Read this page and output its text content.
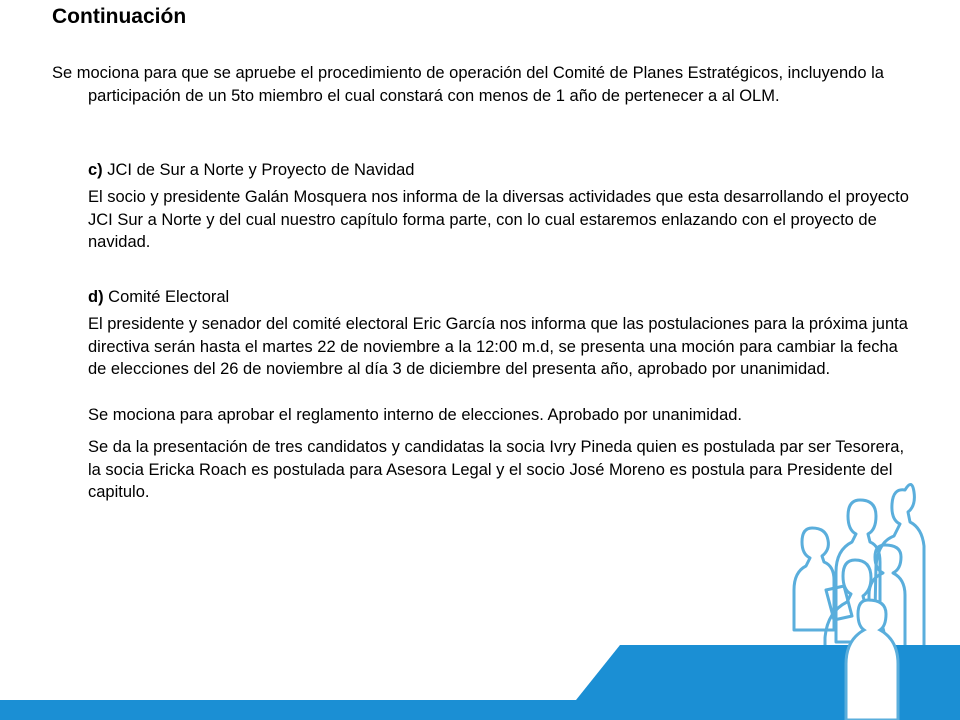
Continuación
Se mociona para que se apruebe el procedimiento de operación del Comité de Planes Estratégicos, incluyendo la participación de un 5to miembro el cual constará con menos de 1 año de pertenecer a al OLM.
c) JCI de Sur a Norte y Proyecto de Navidad
El socio y presidente Galán Mosquera nos informa de la diversas actividades que esta desarrollando el proyecto JCI Sur a Norte y del cual nuestro capítulo forma parte, con lo cual estaremos enlazando con el proyecto de navidad.
d) Comité Electoral
El presidente y senador del comité electoral Eric García nos informa que las postulaciones para la próxima junta directiva serán hasta el martes 22 de noviembre a la 12:00 m.d, se presenta una moción para cambiar la fecha de elecciones del 26 de noviembre al día 3 de diciembre del presenta año, aprobado por unanimidad.
Se mociona para aprobar el reglamento interno de elecciones. Aprobado por unanimidad.
Se da la presentación de tres candidatos y candidatas la socia Ivry Pineda quien es postulada par ser Tesorera, la socia Ericka Roach es postulada para Asesora Legal y el socio José Moreno es postula para Presidente del capitulo.
